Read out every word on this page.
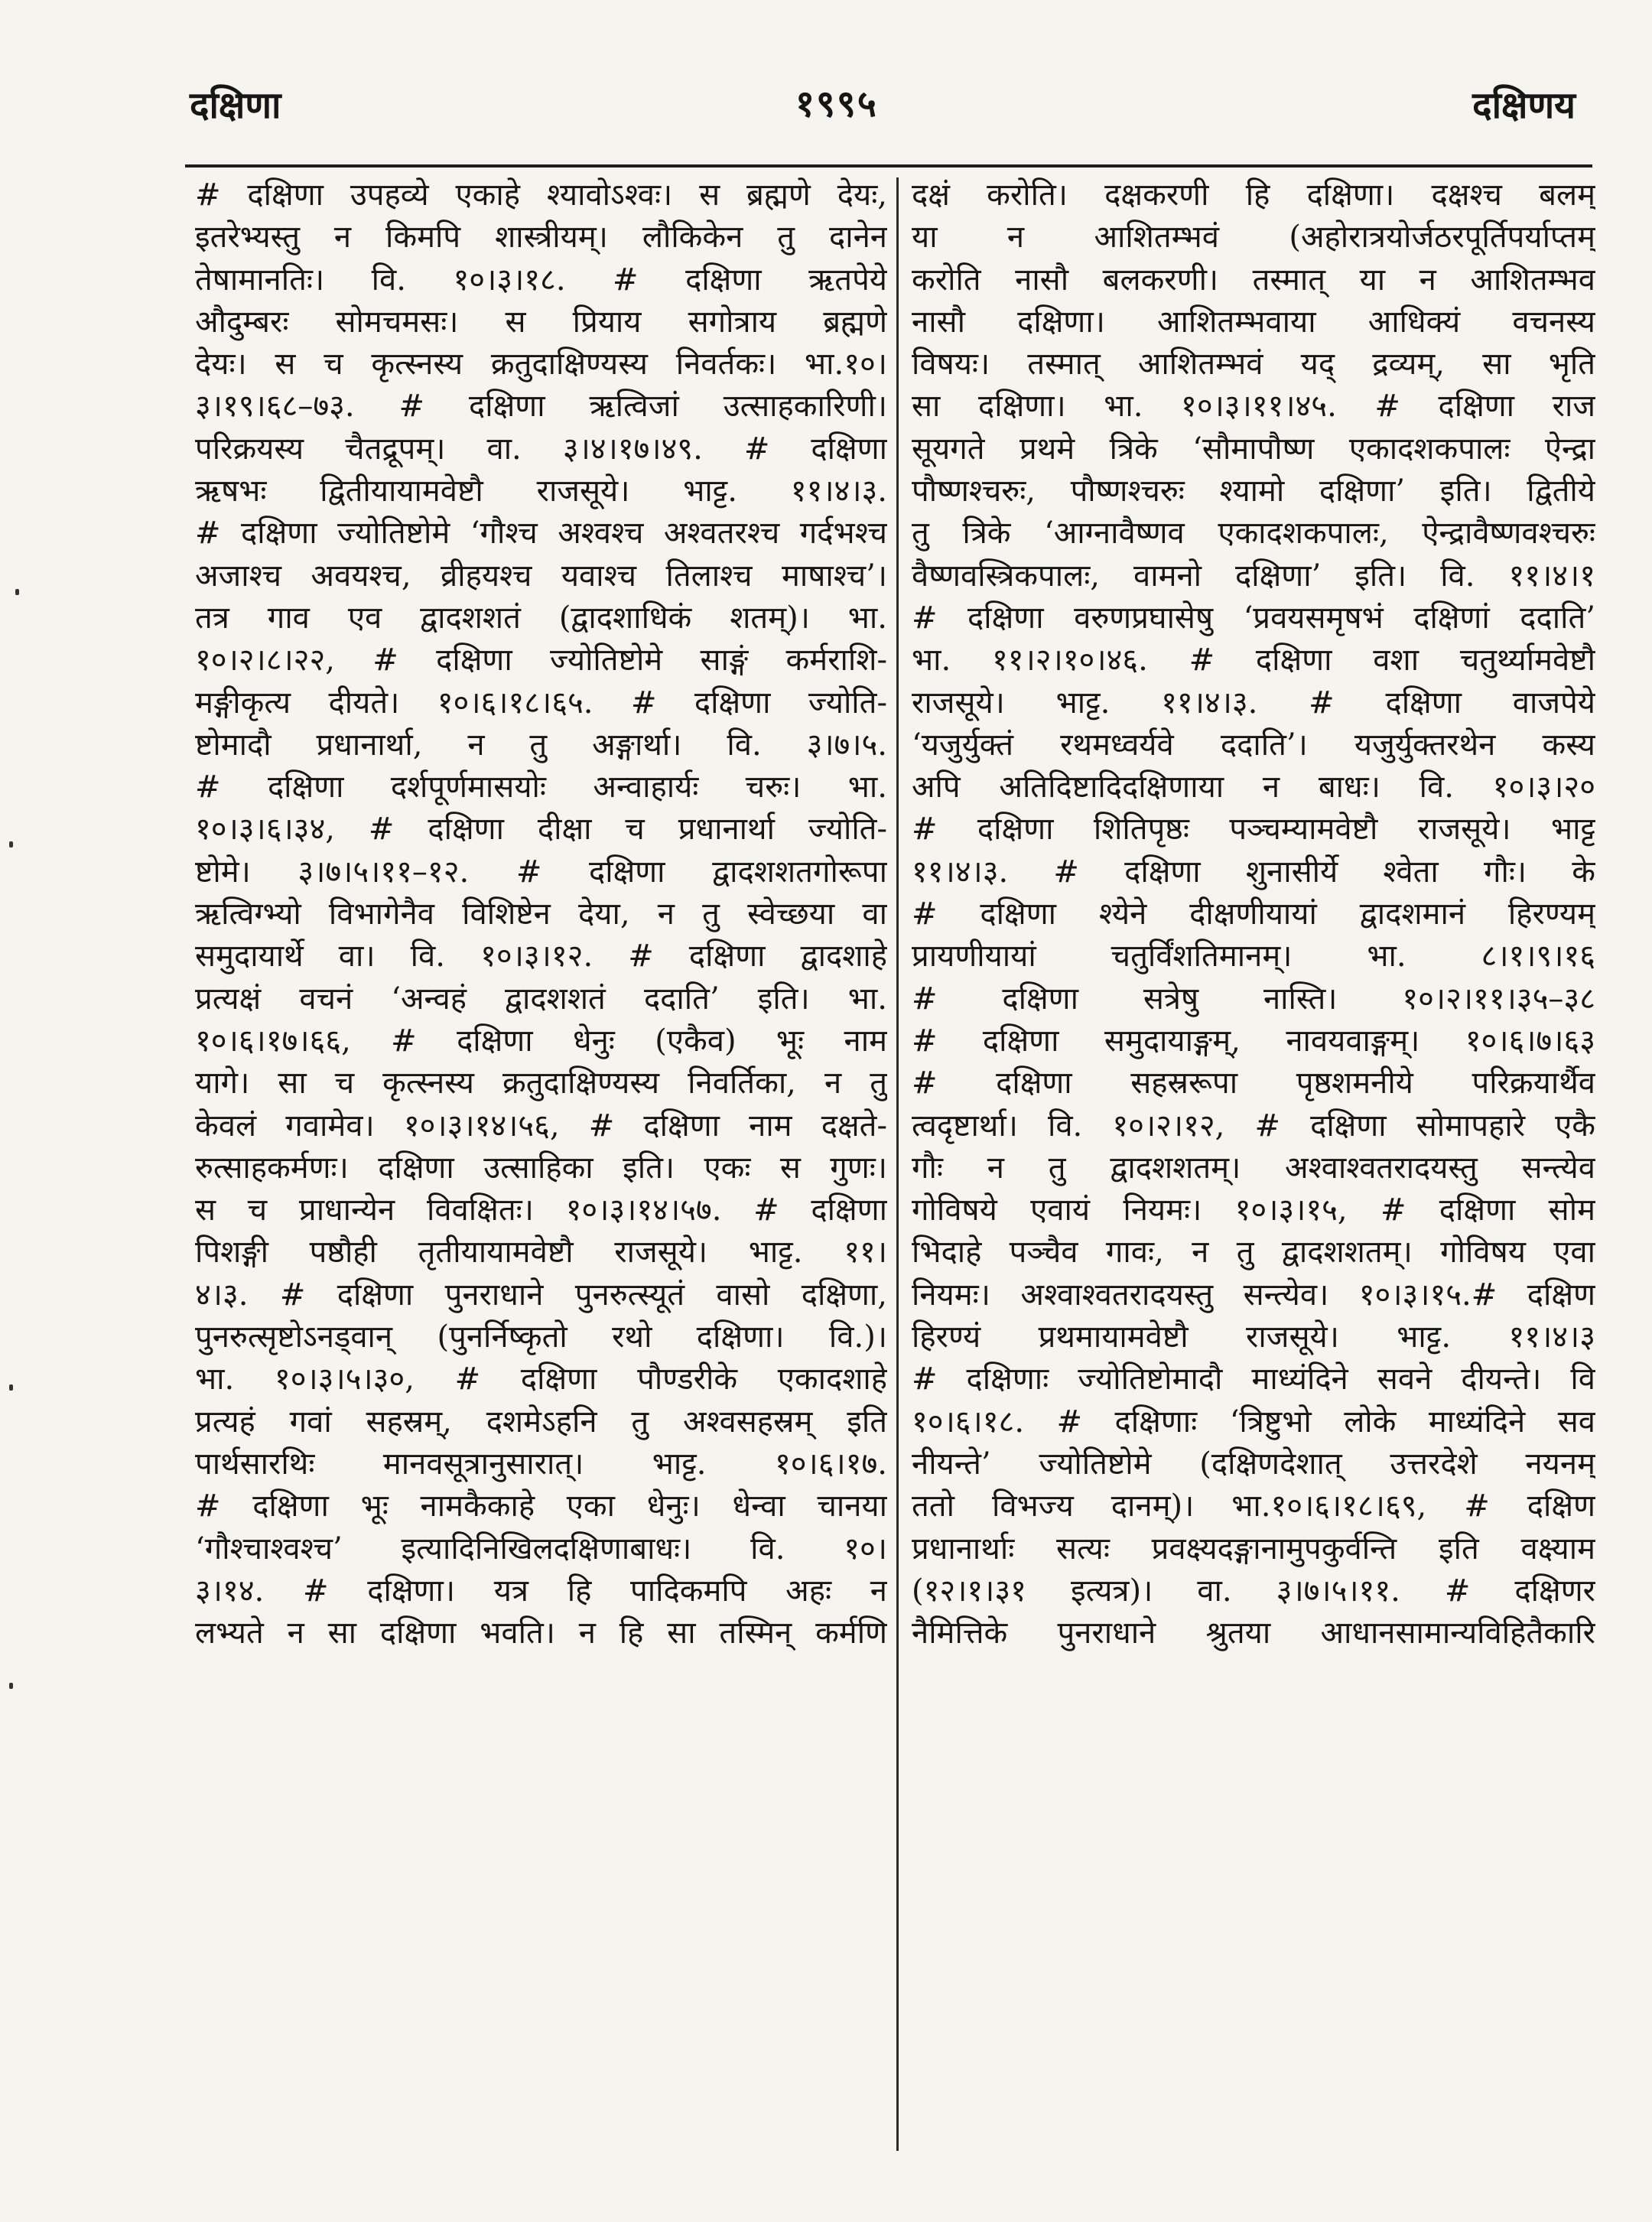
दक्षिणा	१९९५	दक्षिणय
# दक्षिणा उपहव्ये एकाहे श्यावोऽश्वः। स ब्रह्मणे देयः,
इतरेभ्यस्तु न किमपि शास्त्रीयम्। लौकिकेन तु दानेन
तेषामानतिः। वि. १०।३।१८. # दक्षिणा ऋतपेये
औदुम्बरः सोमचमसः। स प्रियाय सगोत्राय ब्रह्मणे
देयः। स च कृत्स्नस्य क्रतुदाक्षिण्यस्य निवर्तकः। भा.१०।
३।१९।६८–७३. # दक्षिणा ऋत्विजां उत्साहकारिणी।
परिक्रयस्य चैतद्रूपम्। वा. ३।४।१७।४९. # दक्षिणा
ऋषभः द्वितीयायामवेष्टौ राजसूये। भाट्ट. ११।४।३.
# दक्षिणा ज्योतिष्टोमे ‘गौश्च अश्वश्च अश्वतरश्च गर्दभश्च
अजाश्च अवयश्च, व्रीहयश्च यवाश्च तिलाश्च माषाश्च’।
तत्र गाव एव द्वादशशतं (द्वादशाधिकं शतम्)। भा.
१०।२।८।२२, # दक्षिणा ज्योतिष्टोमे साङ्गं कर्मराशि-
मङ्गीकृत्य दीयते। १०।६।१८।६५. # दक्षिणा ज्योति-
ष्टोमादौ प्रधानार्था, न तु अङ्गार्था। वि. ३।७।५.
# दक्षिणा दर्शपूर्णमासयोः अन्वाहार्यः चरुः। भा.
१०।३।६।३४, # दक्षिणा दीक्षा च प्रधानार्था ज्योति-
ष्टोमे। ३।७।५।११–१२. # दक्षिणा द्वादशशतगोरूपा
ऋत्विग्भ्यो विभागेनैव विशिष्टेन देया, न तु स्वेच्छया वा
समुदायार्थे वा। वि. १०।३।१२. # दक्षिणा द्वादशाहे
प्रत्यक्षं वचनं ‘अन्वहं द्वादशशतं ददाति’ इति। भा.
१०।६।१७।६६, # दक्षिणा धेनुः (एकैव) भूः नाम
यागे। सा च कृत्स्नस्य क्रतुदाक्षिण्यस्य निवर्तिका, न तु
केवलं गवामेव। १०।३।१४।५६, # दक्षिणा नाम दक्षते-
रुत्साहकर्मणः। दक्षिणा उत्साहिका इति। एकः स गुणः।
स च प्राधान्येन विवक्षितः। १०।३।१४।५७. # दक्षिणा
पिशङ्गी पष्ठौही तृतीयायामवेष्टौ राजसूये। भाट्ट. ११।
४।३. # दक्षिणा पुनराधाने पुनरुत्स्यूतं वासो दक्षिणा,
पुनरुत्सृष्टोऽनड्वान् (पुनर्निष्कृतो रथो दक्षिणा। वि.)।
भा. १०।३।५।३०, # दक्षिणा पौण्डरीके एकादशाहे
प्रत्यहं गवां सहस्रम्, दशमेऽहनि तु अश्वसहस्रम् इति
पार्थसारथिः मानवसूत्रानुसारात्। भाट्ट. १०।६।१७.
# दक्षिणा भूः नामकैकाहे एका धेनुः। धेन्वा चानया
‘गौश्चाश्वश्च’ इत्यादिनिखिलदक्षिणाबाधः। वि. १०।
३।१४. # दक्षिणा। यत्र हि पादिकमपि अहः न
लभ्यते न सा दक्षिणा भवति। न हि सा तस्मिन् कर्मणि
दक्षं करोति। दक्षकरणी हि दक्षिणा। दक्षश्च बलम्
या न आशितम्भवं (अहोरात्रयोर्जठरपूर्तिपर्याप्तम्
करोति नासौ बलकरणी। तस्मात् या न आशितम्भव
नासौ दक्षिणा। आशितम्भवाया आधिक्यं वचनस्य
विषयः। तस्मात् आशितम्भवं यद् द्रव्यम्, सा भृति
सा दक्षिणा। भा. १०।३।११।४५. # दक्षिणा राज
सूयगते प्रथमे त्रिके ‘सौमापौष्ण एकादशकपालः ऐन्द्रा
पौष्णश्चरुः, पौष्णश्चरुः श्यामो दक्षिणा’ इति। द्वितीये
तु त्रिके ‘आग्नावैष्णव एकादशकपालः, ऐन्द्रावैष्णवश्चरुः
वैष्णवस्त्रिकपालः, वामनो दक्षिणा’ इति। वि. ११।४।१
# दक्षिणा वरुणप्रघासेषु ‘प्रवयसमृषभं दक्षिणां ददाति’
भा. ११।२।१०।४६. # दक्षिणा वशा चतुर्थ्यामवेष्टौ
राजसूये। भाट्ट. ११।४।३. # दक्षिणा वाजपेये
‘यजुर्युक्तं रथमध्वर्यवे ददाति’। यजुर्युक्तरथेन कस्य
अपि अतिदिष्टादिदक्षिणाया न बाधः। वि. १०।३।२०
# दक्षिणा शितिपृष्ठः पञ्चम्यामवेष्टौ राजसूये। भाट्ट
११।४।३. # दक्षिणा शुनासीर्ये श्वेता गौः। के
# दक्षिणा श्येने दीक्षणीयायां द्वादशमानं हिरण्यम्
प्रायणीयायां चतुर्विंशतिमानम्। भा. ८।१।९।१६
# दक्षिणा सत्रेषु नास्ति। १०।२।११।३५–३८
# दक्षिणा समुदायाङ्गम्, नावयवाङ्गम्। १०।६।७।६३
# दक्षिणा सहस्ररूपा पृष्ठशमनीये परिक्रयार्थैव
त्वदृष्टार्था। वि. १०।२।१२, # दक्षिणा सोमापहारे एकै
गौः न तु द्वादशशतम्। अश्वाश्वतरादयस्तु सन्त्येव
गोविषये एवायं नियमः। १०।३।१५, # दक्षिणा सोम
भिदाहे पञ्चैव गावः, न तु द्वादशशतम्। गोविषय एवा
नियमः। अश्वाश्वतरादयस्तु सन्त्येव। १०।३।१५.# दक्षिण
हिरण्यं प्रथमायामवेष्टौ राजसूये। भाट्ट. ११।४।३
# दक्षिणाः ज्योतिष्टोमादौ माध्यंदिने सवने दीयन्ते। वि
१०।६।१८. # दक्षिणाः ‘त्रिष्टुभो लोके माध्यंदिने सव
नीयन्ते’ ज्योतिष्टोमे (दक्षिणदेशात् उत्तरदेशे नयनम्
ततो विभज्य दानम्)। भा.१०।६।१८।६९, # दक्षिण
प्रधानार्थाः सत्यः प्रवक्ष्यदङ्गानामुपकुर्वन्ति इति वक्ष्याम
(१२।१।३१ इत्यत्र)। वा. ३।७।५।११. # दक्षिणर
नैमित्तिके पुनराधाने श्रुतया आधानसामान्यविहितैकारि
